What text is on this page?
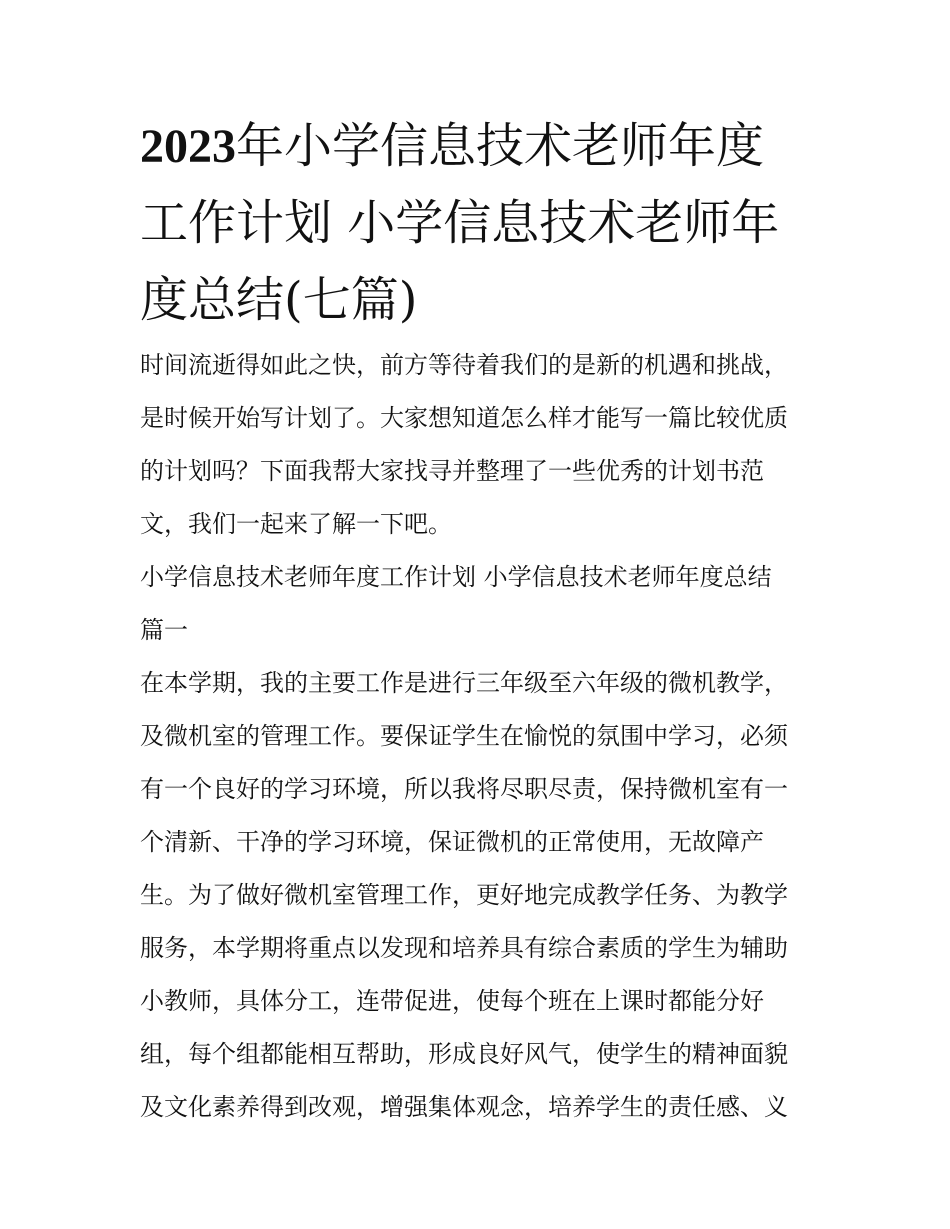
2023年小学信息技术老师年度
工作计划 小学信息技术老师年
度总结(七篇)

时间流逝得如此之快，前方等待着我们的是新的机遇和挑战，
是时候开始写计划了。大家想知道怎么样才能写一篇比较优质
的计划吗？下面我帮大家找寻并整理了一些优秀的计划书范
文，我们一起来了解一下吧。

小学信息技术老师年度工作计划 小学信息技术老师年度总结
篇一

在本学期，我的主要工作是进行三年级至六年级的微机教学，
及微机室的管理工作。要保证学生在愉悦的氛围中学习，必须
有一个良好的学习环境，所以我将尽职尽责，保持微机室有一
个清新、干净的学习环境，保证微机的正常使用，无故障产
生。为了做好微机室管理工作，更好地完成教学任务、为教学
服务，本学期将重点以发现和培养具有综合素质的学生为辅助
小教师，具体分工，连带促进，使每个班在上课时都能分好
组，每个组都能相互帮助，形成良好风气，使学生的精神面貌
及文化素养得到改观，增强集体观念，培养学生的责任感、义
